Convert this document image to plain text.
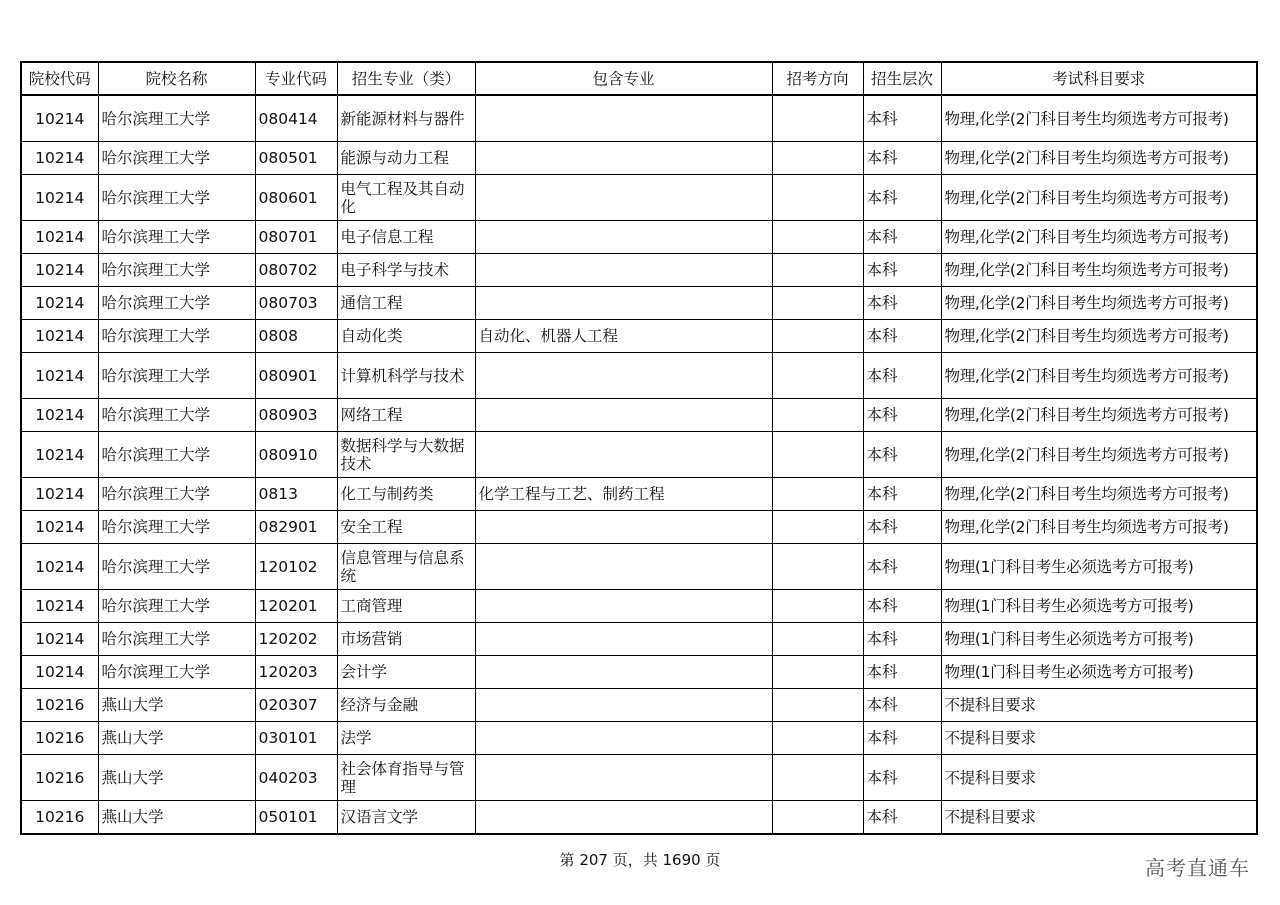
院校代码	院校名称	专业代码	招生专业（类）	包含专业	招考方向	招生层次	考试科目要求
10214	哈尔滨理工大学	080414	新能源材料与器件			本科	物理,化学(2门科目考生均须选考方可报考)
10214	哈尔滨理工大学	080501	能源与动力工程			本科	物理,化学(2门科目考生均须选考方可报考)
10214	哈尔滨理工大学	080601	电气工程及其自动化			本科	物理,化学(2门科目考生均须选考方可报考)
10214	哈尔滨理工大学	080701	电子信息工程			本科	物理,化学(2门科目考生均须选考方可报考)
10214	哈尔滨理工大学	080702	电子科学与技术			本科	物理,化学(2门科目考生均须选考方可报考)
10214	哈尔滨理工大学	080703	通信工程			本科	物理,化学(2门科目考生均须选考方可报考)
10214	哈尔滨理工大学	0808	自动化类	自动化、机器人工程		本科	物理,化学(2门科目考生均须选考方可报考)
10214	哈尔滨理工大学	080901	计算机科学与技术			本科	物理,化学(2门科目考生均须选考方可报考)
10214	哈尔滨理工大学	080903	网络工程			本科	物理,化学(2门科目考生均须选考方可报考)
10214	哈尔滨理工大学	080910	数据科学与大数据技术			本科	物理,化学(2门科目考生均须选考方可报考)
10214	哈尔滨理工大学	0813	化工与制药类	化学工程与工艺、制药工程		本科	物理,化学(2门科目考生均须选考方可报考)
10214	哈尔滨理工大学	082901	安全工程			本科	物理,化学(2门科目考生均须选考方可报考)
10214	哈尔滨理工大学	120102	信息管理与信息系统			本科	物理(1门科目考生必须选考方可报考)
10214	哈尔滨理工大学	120201	工商管理			本科	物理(1门科目考生必须选考方可报考)
10214	哈尔滨理工大学	120202	市场营销			本科	物理(1门科目考生必须选考方可报考)
10214	哈尔滨理工大学	120203	会计学			本科	物理(1门科目考生必须选考方可报考)
10216	燕山大学	020307	经济与金融			本科	不提科目要求
10216	燕山大学	030101	法学			本科	不提科目要求
10216	燕山大学	040203	社会体育指导与管理			本科	不提科目要求
10216	燕山大学	050101	汉语言文学			本科	不提科目要求
第 207 页，共 1690 页	高考直通车
